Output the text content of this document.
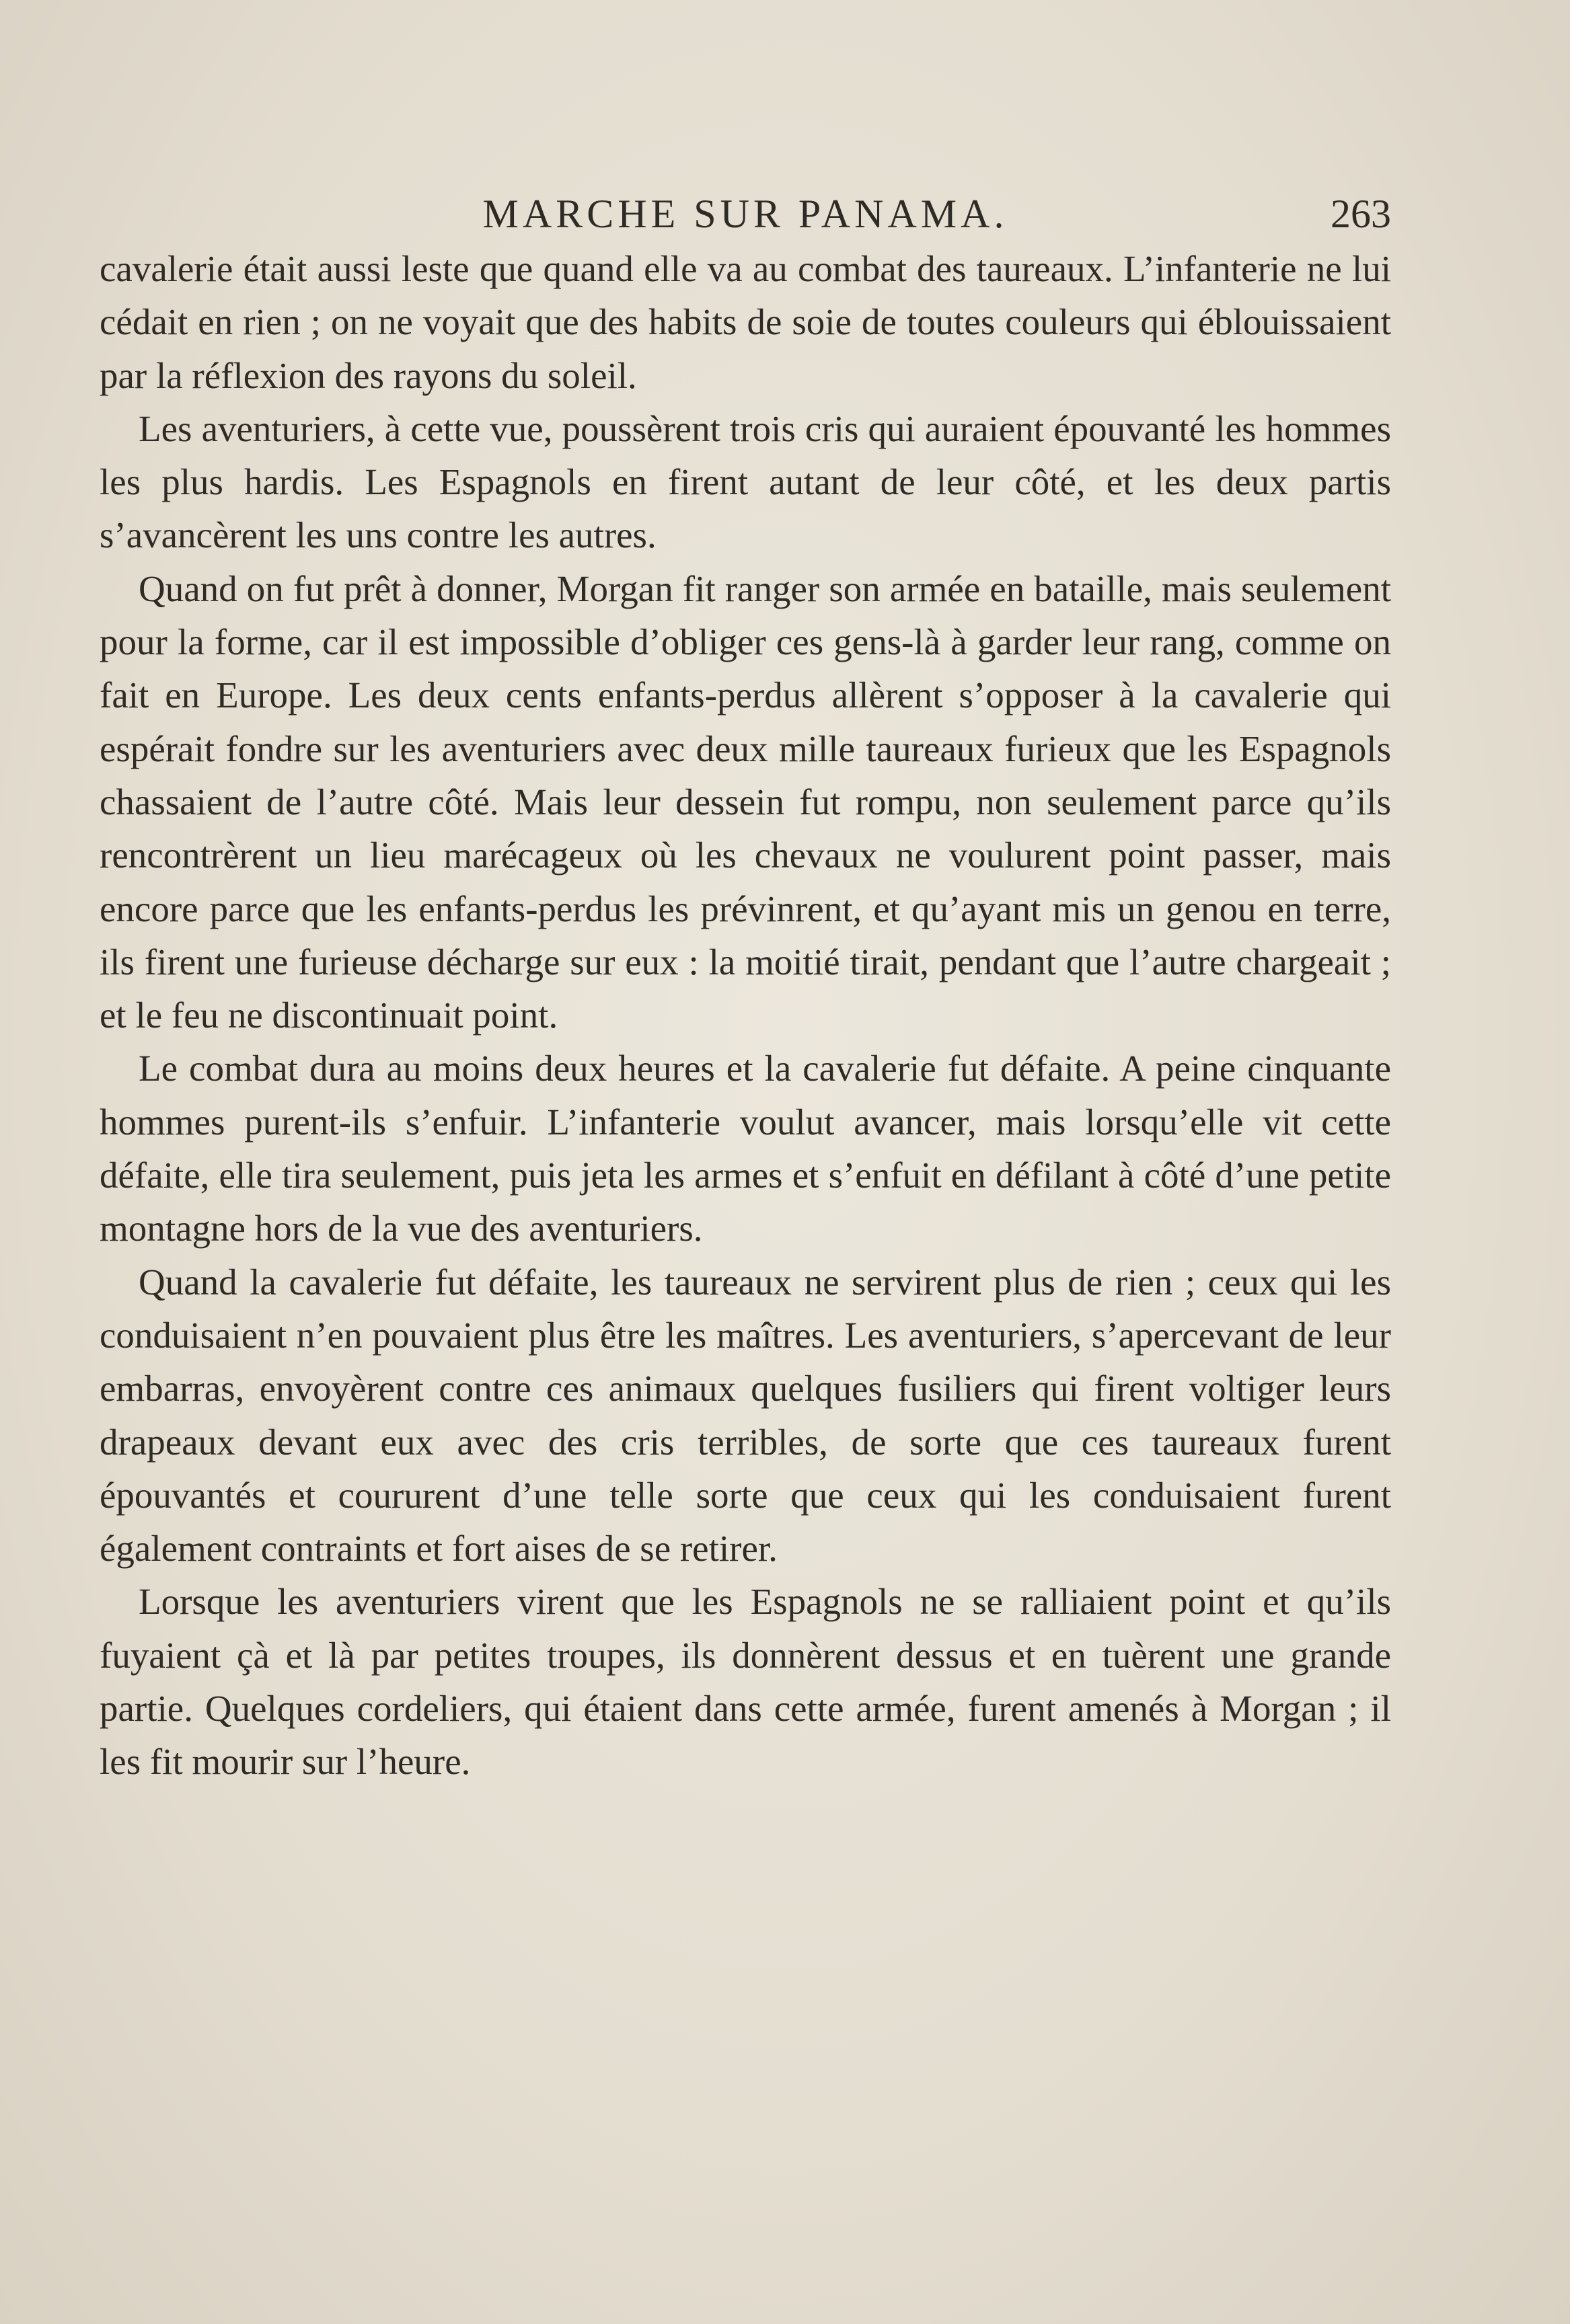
MARCHE SUR PANAMA.	263

cavalerie était aussi leste que quand elle va au combat des taureaux. L’infanterie ne lui cédait en rien ; on ne voyait que des habits de soie de toutes couleurs qui éblouissaient par la réflexion des rayons du soleil.

Les aventuriers, à cette vue, poussèrent trois cris qui auraient épouvanté les hommes les plus hardis. Les Espagnols en firent autant de leur côté, et les deux partis s’avancèrent les uns contre les autres.

Quand on fut prêt à donner, Morgan fit ranger son armée en bataille, mais seulement pour la forme, car il est impossible d’obliger ces gens-là à garder leur rang, comme on fait en Europe. Les deux cents enfants-perdus allèrent s’opposer à la cavalerie qui espérait fondre sur les aventuriers avec deux mille taureaux furieux que les Espagnols chassaient de l’autre côté. Mais leur dessein fut rompu, non seulement parce qu’ils rencontrèrent un lieu marécageux où les chevaux ne voulurent point passer, mais encore parce que les enfants-perdus les prévinrent, et qu’ayant mis un genou en terre, ils firent une furieuse décharge sur eux : la moitié tirait, pendant que l’autre chargeait ; et le feu ne discontinuait point.

Le combat dura au moins deux heures et la cavalerie fut défaite. A peine cinquante hommes purent-ils s’enfuir. L’infanterie voulut avancer, mais lorsqu’elle vit cette défaite, elle tira seulement, puis jeta les armes et s’enfuit en défilant à côté d’une petite montagne hors de la vue des aventuriers.

Quand la cavalerie fut défaite, les taureaux ne servirent plus de rien ; ceux qui les conduisaient n’en pouvaient plus être les maîtres. Les aventuriers, s’apercevant de leur embarras, envoyèrent contre ces animaux quelques fusiliers qui firent voltiger leurs drapeaux devant eux avec des cris terribles, de sorte que ces taureaux furent épouvantés et coururent d’une telle sorte que ceux qui les conduisaient furent également contraints et fort aises de se retirer.

Lorsque les aventuriers virent que les Espagnols ne se ralliaient point et qu’ils fuyaient çà et là par petites troupes, ils donnèrent dessus et en tuèrent une grande partie. Quelques cordeliers, qui étaient dans cette armée, furent amenés à Morgan ; il les fit mourir sur l’heure.
